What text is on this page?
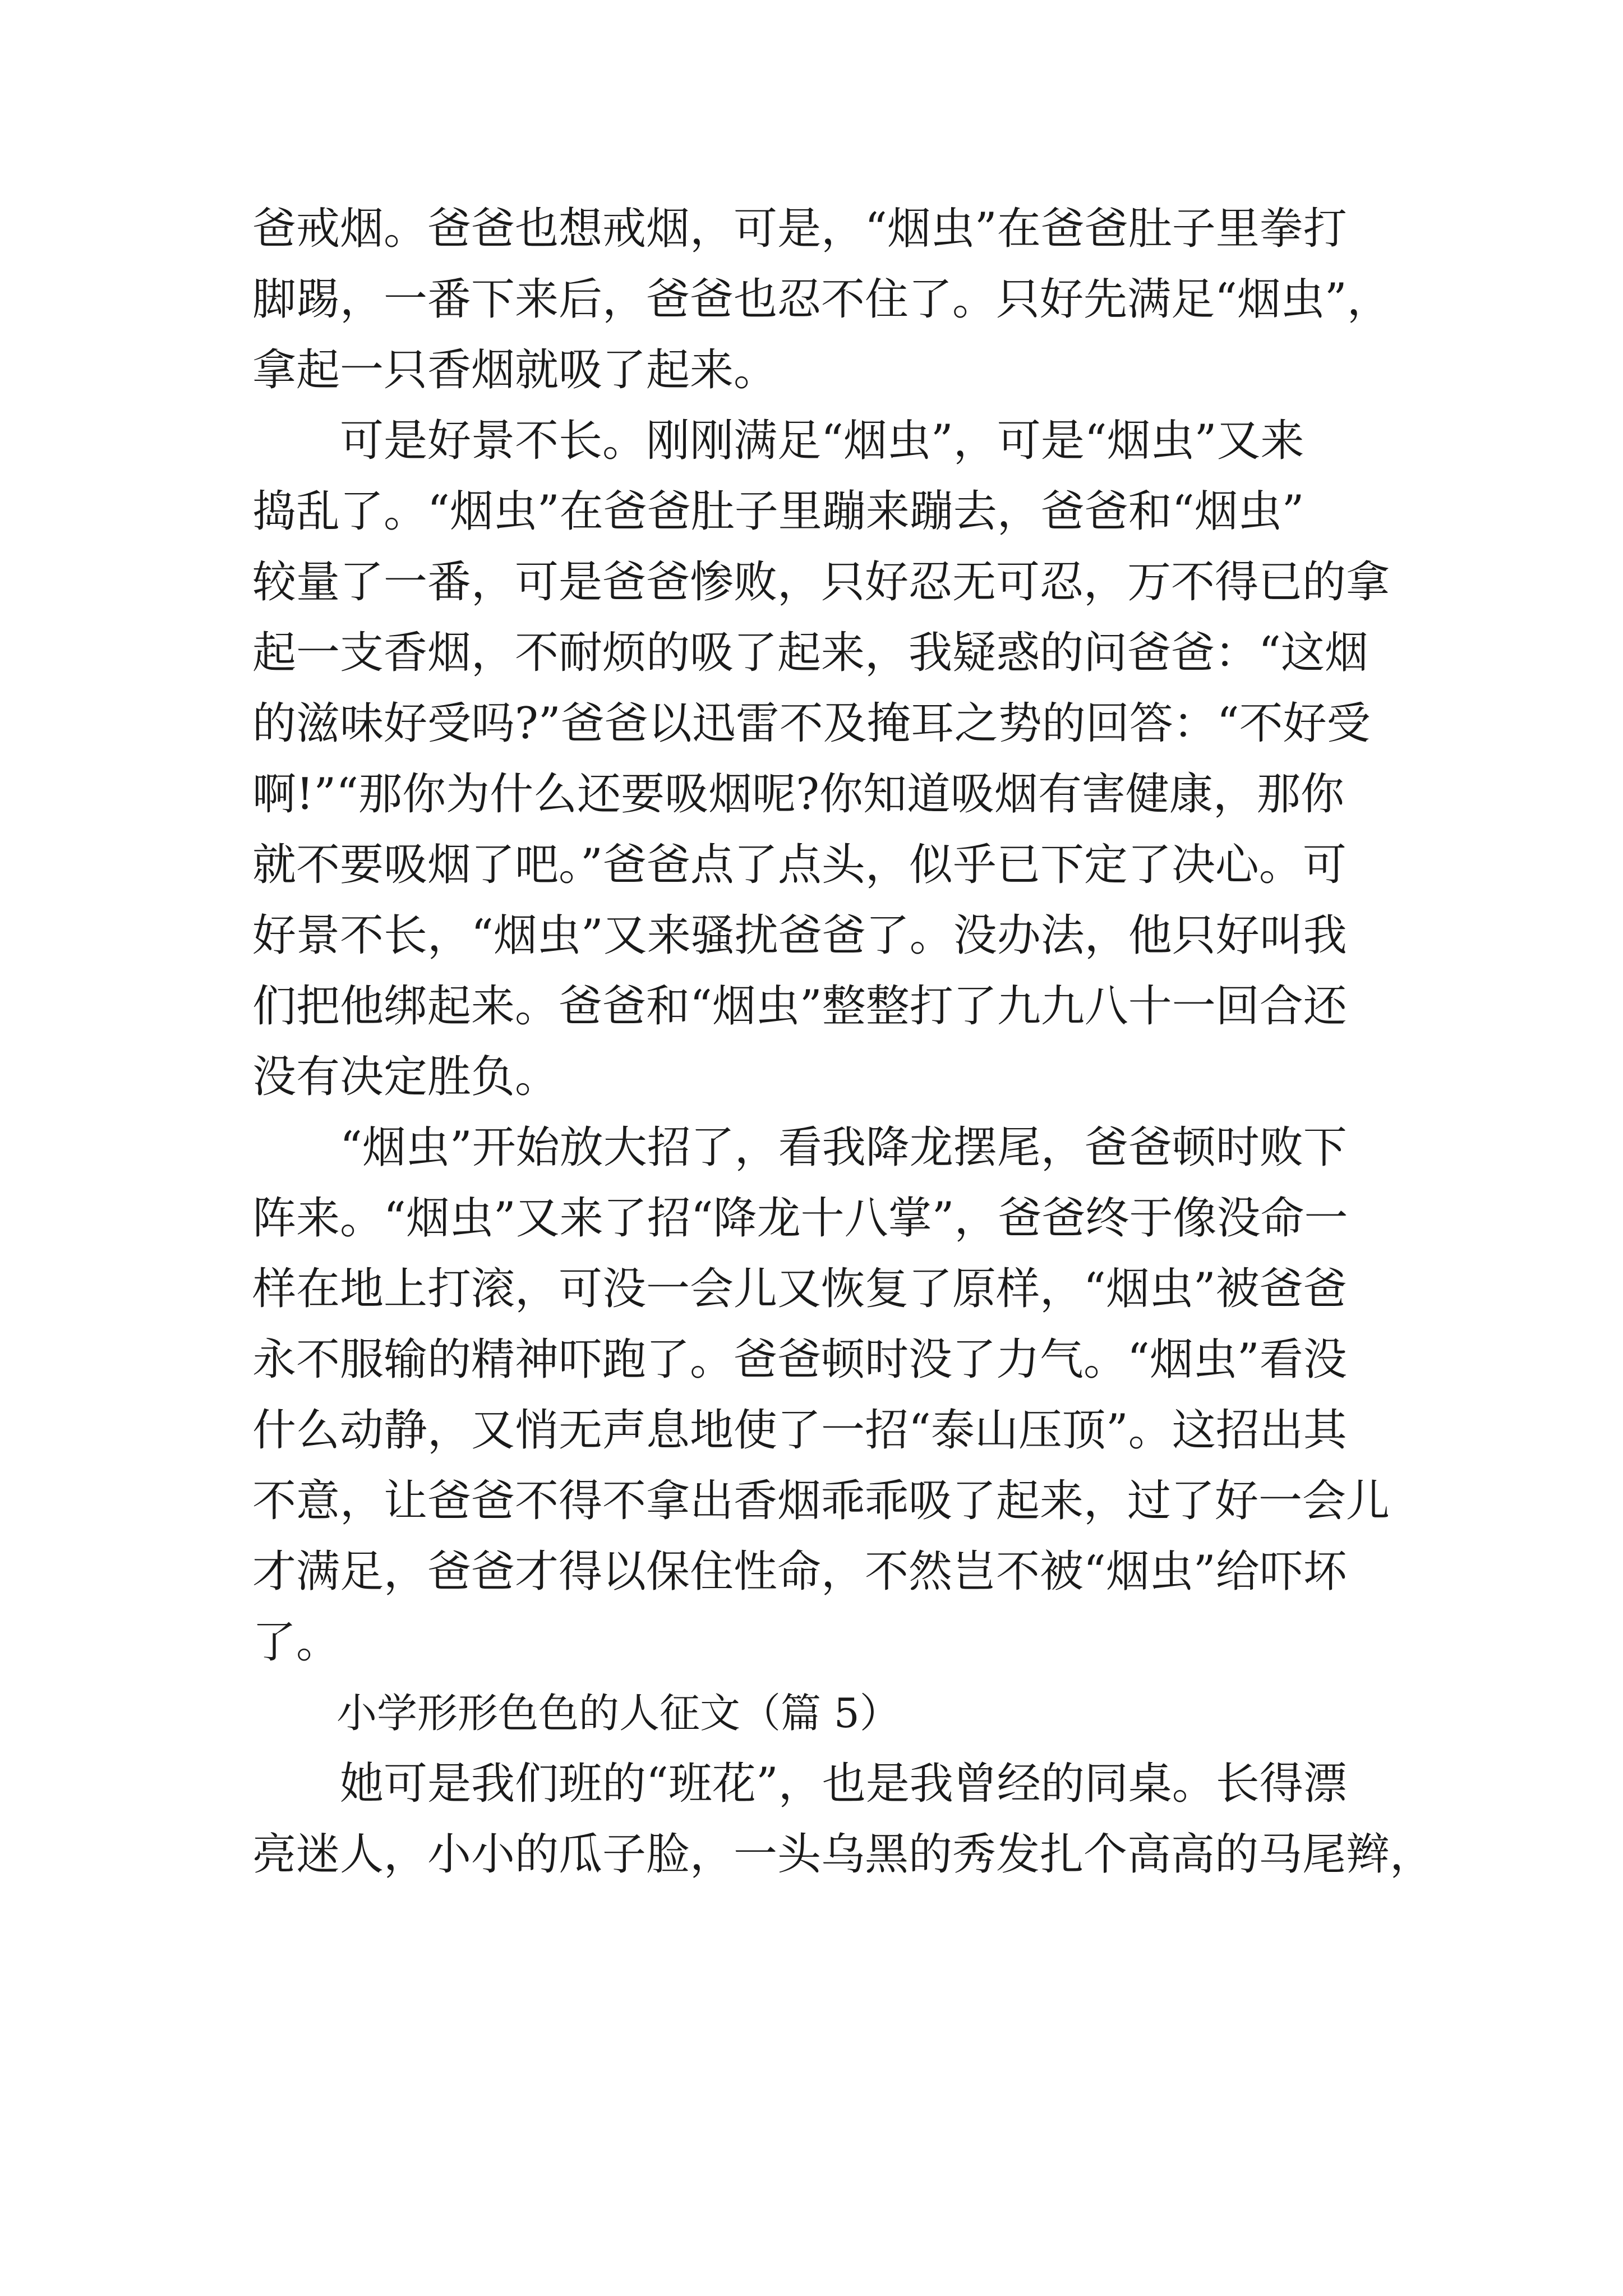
爸戒烟。爸爸也想戒烟，可是，“烟虫”在爸爸肚子里拳打
脚踢，一番下来后，爸爸也忍不住了。只好先满足“烟虫”，
拿起一只香烟就吸了起来。

可是好景不长。刚刚满足“烟虫”，可是“烟虫”又来
捣乱了。“烟虫”在爸爸肚子里蹦来蹦去，爸爸和“烟虫”
较量了一番，可是爸爸惨败，只好忍无可忍，万不得已的拿
起一支香烟，不耐烦的吸了起来，我疑惑的问爸爸：“这烟
的滋味好受吗?”爸爸以迅雷不及掩耳之势的回答：“不好受
啊!”“那你为什么还要吸烟呢?你知道吸烟有害健康，那你
就不要吸烟了吧。”爸爸点了点头，似乎已下定了决心。可
好景不长，“烟虫”又来骚扰爸爸了。没办法，他只好叫我
们把他绑起来。爸爸和“烟虫”整整打了九九八十一回合还
没有决定胜负。

“烟虫”开始放大招了，看我降龙摆尾，爸爸顿时败下
阵来。“烟虫”又来了招“降龙十八掌”，爸爸终于像没命一
样在地上打滚，可没一会儿又恢复了原样，“烟虫”被爸爸
永不服输的精神吓跑了。爸爸顿时没了力气。“烟虫”看没
什么动静，又悄无声息地使了一招“泰山压顶”。这招出其
不意，让爸爸不得不拿出香烟乖乖吸了起来，过了好一会儿
才满足，爸爸才得以保住性命，不然岂不被“烟虫”给吓坏
了。

小学形形色色的人征文（篇 5）

她可是我们班的“班花”，也是我曾经的同桌。长得漂
亮迷人，小小的瓜子脸，一头乌黑的秀发扎个高高的马尾辫，
